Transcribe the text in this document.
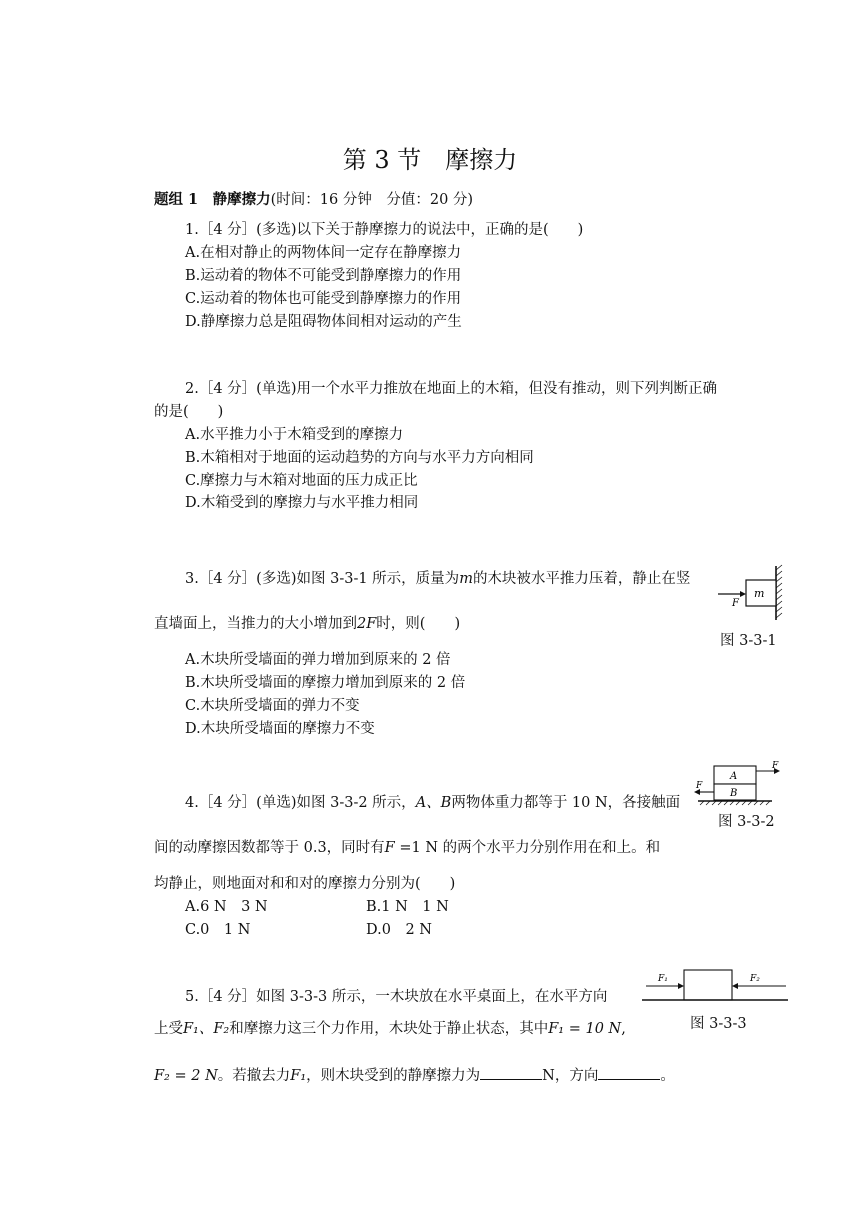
第 3 节　摩擦力
题组 1　静摩擦力(时间：16 分钟　分值：20 分)
1.［4 分］(多选)以下关于静摩擦力的说法中，正确的是(　　)
A.在相对静止的两物体间一定存在静摩擦力
B.运动着的物体不可能受到静摩擦力的作用
C.运动着的物体也可能受到静摩擦力的作用
D.静摩擦力总是阻碍物体间相对运动的产生
2.［4 分］(单选)用一个水平力推放在地面上的木箱，但没有推动，则下列判断正确
的是(　　)
A.水平推力小于木箱受到的摩擦力
B.木箱相对于地面的运动趋势的方向与水平力方向相同
C.摩擦力与木箱对地面的压力成正比
D.木箱受到的摩擦力与水平推力相同
3.［4 分］(多选)如图 3-3-1 所示，质量为m的木块被水平推力压着，静止在竖
直墙面上，当推力的大小增加到2F时，则(　　)
A.木块所受墙面的弹力增加到原来的 2 倍
B.木块所受墙面的摩擦力增加到原来的 2 倍
C.木块所受墙面的弹力不变
D.木块所受墙面的摩擦力不变
m
F
图 3-3-1
4.［4 分］(单选)如图 3-3-2 所示，A、B两物体重力都等于 10 N，各接触面
间的动摩擦因数都等于 0.3，同时有F =1 N 的两个水平力分别作用在和上。和
均静止，则地面对和和对的摩擦力分别为(　　)
A.6 N　3 N	B.1 N　1 N
C.0　1 N	D.0　2 N
A
B
F
F
图 3-3-2
5.［4 分］如图 3-3-3 所示，一木块放在水平桌面上，在水平方向
上受F₁、F₂和摩擦力这三个力作用，木块处于静止状态，其中F₁ = 10 N,
F₂ = 2 N。若撤去力F₁，则木块受到的静摩擦力为	N，方向	。
F₁	F₂
图 3-3-3
